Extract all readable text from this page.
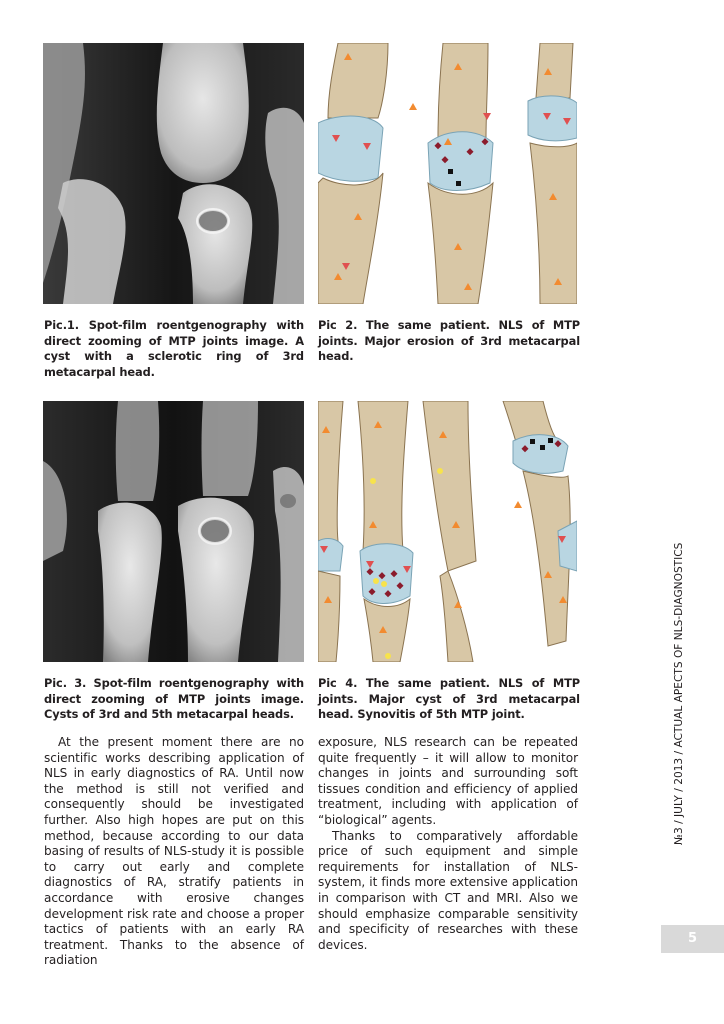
Pic.1. Spot-film roentgenography with direct zooming of MTP joints image. A cyst with a sclerotic ring of 3rd metacarpal head.
Pic 2. The same patient. NLS of MTP joints. Major erosion of 3rd metacarpal head.
Pic. 3. Spot-film roentgenography with direct zooming of MTP joints image. Cysts of 3rd and 5th metacarpal heads.
Pic 4. The same patient. NLS of MTP joints. Major cyst of 3rd metacarpal head. Synovitis of 5th MTP joint.

At the present moment there are no scientific works describing application of NLS in early diagnostics of RA. Until now the method is still not verified and consequently should be investigated further. Also high hopes are put on this method, because according to our data basing of results of NLS-study it is possible to carry out early and complete diagnostics of RA, stratify patients in accordance with erosive changes development risk rate and choose a proper tactics of patients with an early RA treatment. Thanks to the absence of radiation

exposure, NLS research can be repeated quite frequently – it will allow to monitor changes in joints and surrounding soft tissues condition and efficiency of applied treatment, including with application of “biological” agents.

Thanks to comparatively affordable price of such equipment and simple requirements for installation of NLS-system, it finds more extensive application in comparison with CT and MRI. Also we should emphasize comparable sensitivity and specificity of researches with these devices.

№3 / JULY / 2013 / ACTUAL APECTS OF NLS-DIAGNOSTICS
5
